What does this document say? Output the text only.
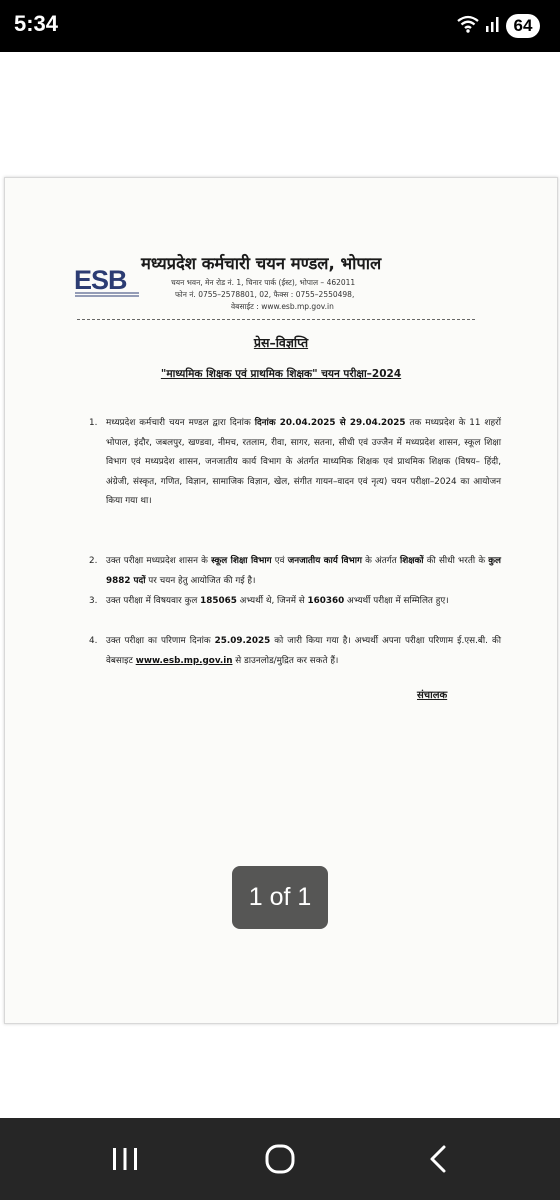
5:34	64
ESB
मध्यप्रदेश कर्मचारी चयन मण्डल, भोपाल
चयन भवन, मेन रोड नं. 1, चिनार पार्क (ईस्ट), भोपाल – 462011
फोन नं. 0755–2578801, 02, फैक्स : 0755–2550498,
वेबसाईट : www.esb.mp.gov.in
प्रेस–विज्ञप्ति
"माध्यमिक शिक्षक एवं प्राथमिक शिक्षक" चयन परीक्षा–2024
1. मध्यप्रदेश कर्मचारी चयन मण्डल द्वारा दिनांक दिनांक 20.04.2025 से 29.04.2025 तक मध्यप्रदेश के 11 शहरों भोपाल, इंदौर, जबलपुर, खण्डवा, नीमच, रतलाम, रीवा, सागर, सतना, सीधी एवं उज्जैन में मध्यप्रदेश शासन, स्कूल शिक्षा विभाग एवं मध्यप्रदेश शासन, जनजातीय कार्य विभाग के अंतर्गत माध्यमिक शिक्षक एवं प्राथमिक शिक्षक (विषय– हिंदी, अंग्रेजी, संस्कृत, गणित, विज्ञान, सामाजिक विज्ञान, खेल, संगीत गायन–वादन एवं नृत्य) चयन परीक्षा–2024 का आयोजन किया गया था।
2. उक्त परीक्षा मध्यप्रदेश शासन के स्कूल शिक्षा विभाग एवं जनजातीय कार्य विभाग के अंतर्गत शिक्षकों की सीधी भरती के कुल 9882 पदों पर चयन हेतु आयोजित की गई है।
3. उक्त परीक्षा में विषयवार कुल 185065 अभ्यर्थी थे, जिनमें से 160360 अभ्यर्थी परीक्षा में सम्मिलित हुए।
4. उक्त परीक्षा का परिणाम दिनांक 25.09.2025 को जारी किया गया है। अभ्यर्थी अपना परीक्षा परिणाम ई.एस.बी. की वेबसाइट www.esb.mp.gov.in से डाउनलोड/मुद्रित कर सकते हैं।
संचालक
1 of 1
